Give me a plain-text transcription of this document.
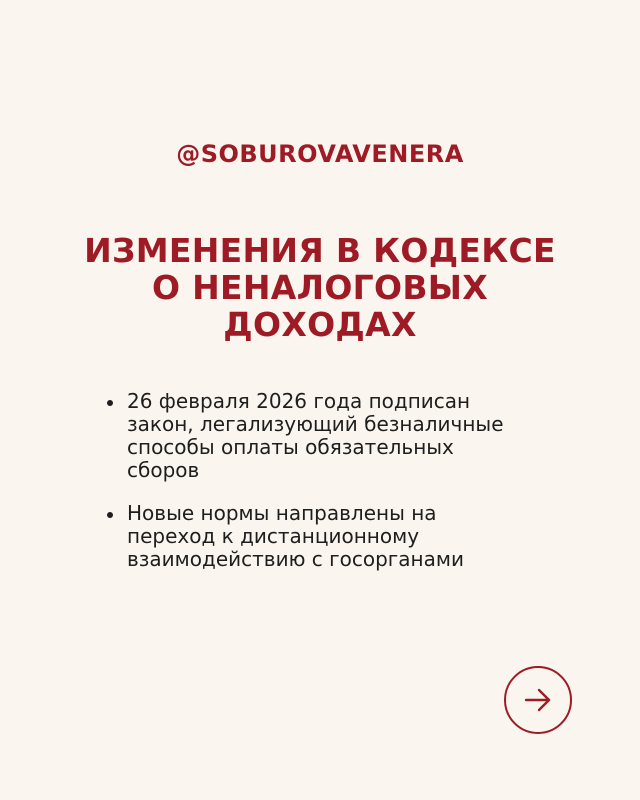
@SOBUROVAVENERA
ИЗМЕНЕНИЯ В КОДЕКСЕ
О НЕНАЛОГОВЫХ
ДОХОДАХ
26 февраля 2026 года подписан
закон, легализующий безналичные
способы оплаты обязательных
сборов
Новые нормы направлены на
переход к дистанционному
взаимодействию с госорганами
